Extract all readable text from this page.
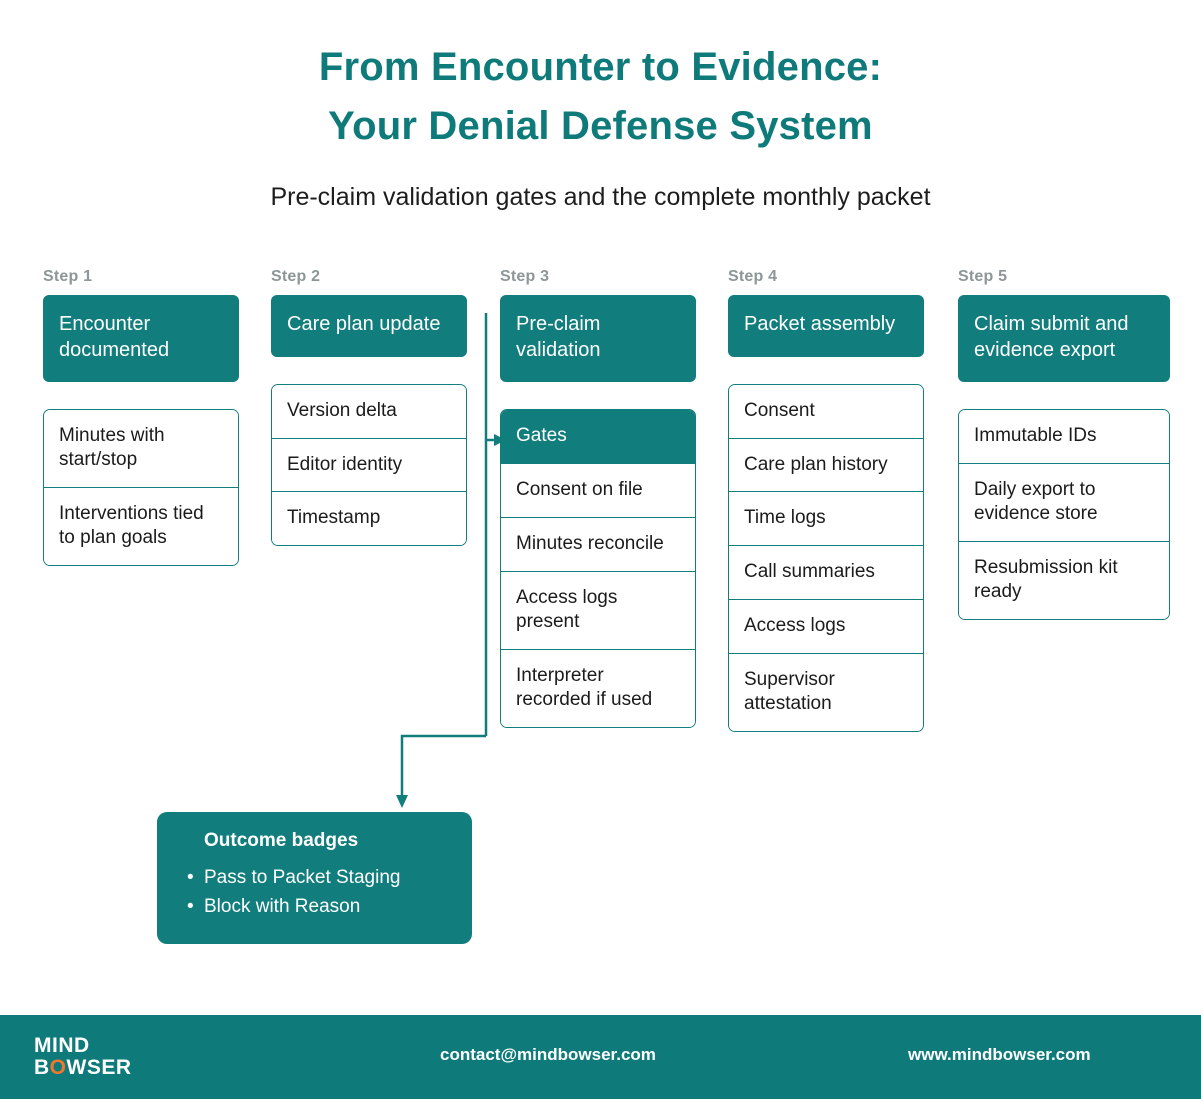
From Encounter to Evidence:
Your Denial Defense System
Pre-claim validation gates and the complete monthly packet
Step 1
Encounter documented
Minutes with start/stop
Interventions tied to plan goals
Step 2
Care plan update
Version delta
Editor identity
Timestamp
Step 3
Pre-claim validation
Gates
Consent on file
Minutes reconcile
Access logs present
Interpreter recorded if used
Step 4
Packet assembly
Consent
Care plan history
Time logs
Call summaries
Access logs
Supervisor attestation
Step 5
Claim submit and evidence export
Immutable IDs
Daily export to evidence store
Resubmission kit ready
Outcome badges
• Pass to Packet Staging
• Block with Reason
MIND
BOWSER
contact@mindbowser.com	www.mindbowser.com
